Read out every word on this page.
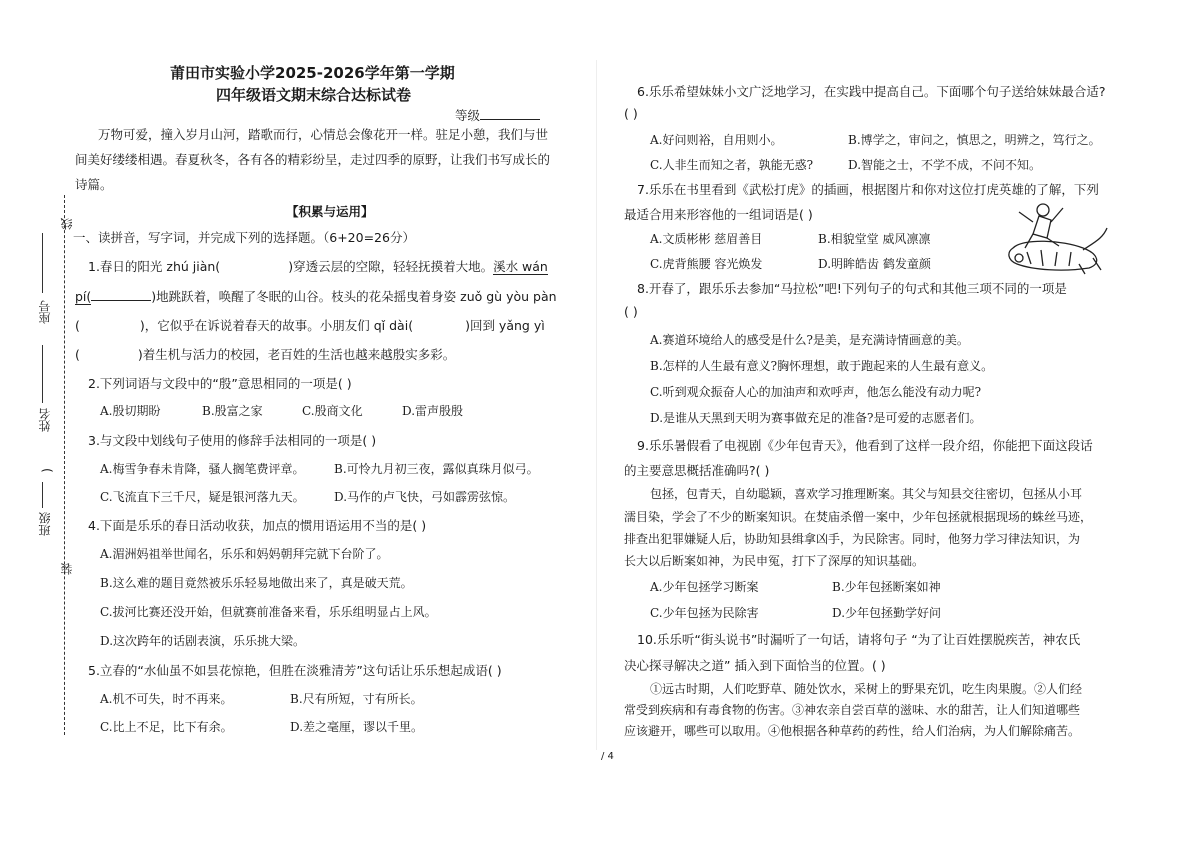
线
座号
姓名
)
班级
装
莆田市实验小学2025-2026学年第一学期
四年级语文期末综合达标试卷
等级
万物可爱，撞入岁月山河，踏歌而行，心情总会像花开一样。驻足小憩，我们与世
间美好缕缕相遇。春夏秋冬，各有各的精彩纷呈，走过四季的原野，让我们书写成长的
诗篇。
【积累与运用】
一、读拼音，写字词，并完成下列的选择题。（6+20=26分）
1.春日的阳光 zhú jiàn(	)穿透云层的空隙，轻轻抚摸着大地。溪水 wán
pí(	)地跳跃着，唤醒了冬眠的山谷。枝头的花朵摇曳着身姿 zuǒ gù yòu pàn
(	)，它似乎在诉说着春天的故事。小朋友们 qǐ dài(	)回到 yǎng yì
(	)着生机与活力的校园，老百姓的生活也越来越殷实多彩。
2.下列词语与文段中的“殷”意思相同的一项是( )
A.殷切期盼	B.殷富之家	C.殷商文化	D.雷声殷殷
3.与文段中划线句子使用的修辞手法相同的一项是( )
A.梅雪争春未肯降，骚人搁笔费评章。 B.可怜九月初三夜，露似真珠月似弓。
C.飞流直下三千尺，疑是银河落九天。 D.马作的卢飞快，弓如霹雳弦惊。
4.下面是乐乐的春日活动收获，加点的惯用语运用不当的是( )
A.湄洲妈祖举世闻名，乐乐和妈妈朝拜完就下台阶了。
B.这么难的题目竟然被乐乐轻易地做出来了，真是破天荒。
C.拔河比赛还没开始，但就赛前准备来看，乐乐组明显占上风。
D.这次跨年的话剧表演，乐乐挑大梁。
5.立春的“水仙虽不如昙花惊艳，但胜在淡雅清芳”这句话让乐乐想起成语( )
A.机不可失，时不再来。	B.尺有所短，寸有所长。
C.比上不足，比下有余。	D.差之毫厘，谬以千里。
6.乐乐希望妹妹小文广泛地学习，在实践中提高自己。下面哪个句子送给妹妹最合适?
( )
A.好问则裕，自用则小。	B.博学之，审问之，慎思之，明辨之，笃行之。
C.人非生而知之者，孰能无惑?	D.智能之士，不学不成，不问不知。
7.乐乐在书里看到《武松打虎》的插画，根据图片和你对这位打虎英雄的了解，下列
最适合用来形容他的一组词语是( )
A.文质彬彬 慈眉善目	B.相貌堂堂 威风凛凛
C.虎背熊腰 容光焕发	D.明眸皓齿 鹤发童颜
8.开春了，跟乐乐去参加“马拉松”吧!下列句子的句式和其他三项不同的一项是
( )
A.赛道环境给人的感受是什么?是美，是充满诗情画意的美。
B.怎样的人生最有意义?胸怀理想，敢于跑起来的人生最有意义。
C.听到观众振奋人心的加油声和欢呼声，他怎么能没有动力呢?
D.是谁从天黑到天明为赛事做充足的准备?是可爱的志愿者们。
9.乐乐暑假看了电视剧《少年包青天》，他看到了这样一段介绍，你能把下面这段话
的主要意思概括准确吗?( )
包拯，包青天，自幼聪颖，喜欢学习推理断案。其父与知县交往密切，包拯从小耳
濡目染，学会了不少的断案知识。在焚庙杀僧一案中，少年包拯就根据现场的蛛丝马迹，
排查出犯罪嫌疑人后，协助知县缉拿凶手，为民除害。同时，他努力学习律法知识，为
长大以后断案如神，为民申冤，打下了深厚的知识基础。
A.少年包拯学习断案	B.少年包拯断案如神
C.少年包拯为民除害	D.少年包拯勤学好问
10.乐乐听“街头说书”时漏听了一句话，请将句子 “为了让百姓摆脱疾苦，神农氏
决心探寻解决之道” 插入到下面恰当的位置。( )
①远古时期，人们吃野草、随处饮水，采树上的野果充饥，吃生肉果腹。②人们经
常受到疾病和有毒食物的伤害。③神农亲自尝百草的滋味、水的甜苦，让人们知道哪些
应该避开，哪些可以取用。④他根据各种草药的药性，给人们治病，为人们解除痛苦。
/ 4
